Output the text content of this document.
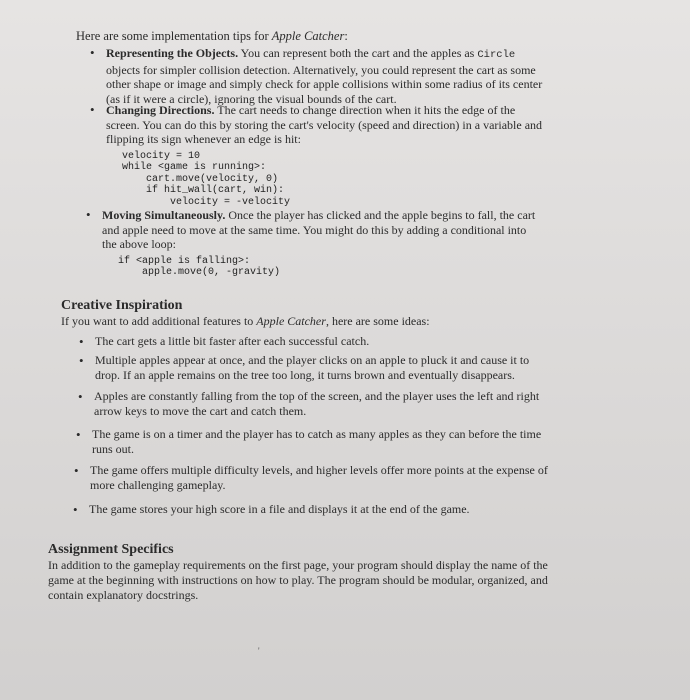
Here are some implementation tips for Apple Catcher:
• Representing the Objects. You can represent both the cart and the apples as Circle objects for simpler collision detection. Alternatively, you could represent the cart as some other shape or image and simply check for apple collisions within some radius of its center (as if it were a circle), ignoring the visual bounds of the cart.
• Changing Directions. The cart needs to change direction when it hits the edge of the screen. You can do this by storing the cart's velocity (speed and direction) in a variable and flipping its sign whenever an edge is hit:
velocity = 10
while <game is running>:
cart.move(velocity, 0)
if hit_wall(cart, win):
velocity = -velocity
• Moving Simultaneously. Once the player has clicked and the apple begins to fall, the cart and apple need to move at the same time. You might do this by adding a conditional into the above loop:
if <apple is falling>:
apple.move(0, -gravity)
Creative Inspiration
If you want to add additional features to Apple Catcher, here are some ideas:
• The cart gets a little bit faster after each successful catch.
• Multiple apples appear at once, and the player clicks on an apple to pluck it and cause it to drop. If an apple remains on the tree too long, it turns brown and eventually disappears.
• Apples are constantly falling from the top of the screen, and the player uses the left and right arrow keys to move the cart and catch them.
• The game is on a timer and the player has to catch as many apples as they can before the time runs out.
• The game offers multiple difficulty levels, and higher levels offer more points at the expense of more challenging gameplay.
• The game stores your high score in a file and displays it at the end of the game.
Assignment Specifics
In addition to the gameplay requirements on the first page, your program should display the name of the game at the beginning with instructions on how to play. The program should be modular, organized, and contain explanatory docstrings.
'
